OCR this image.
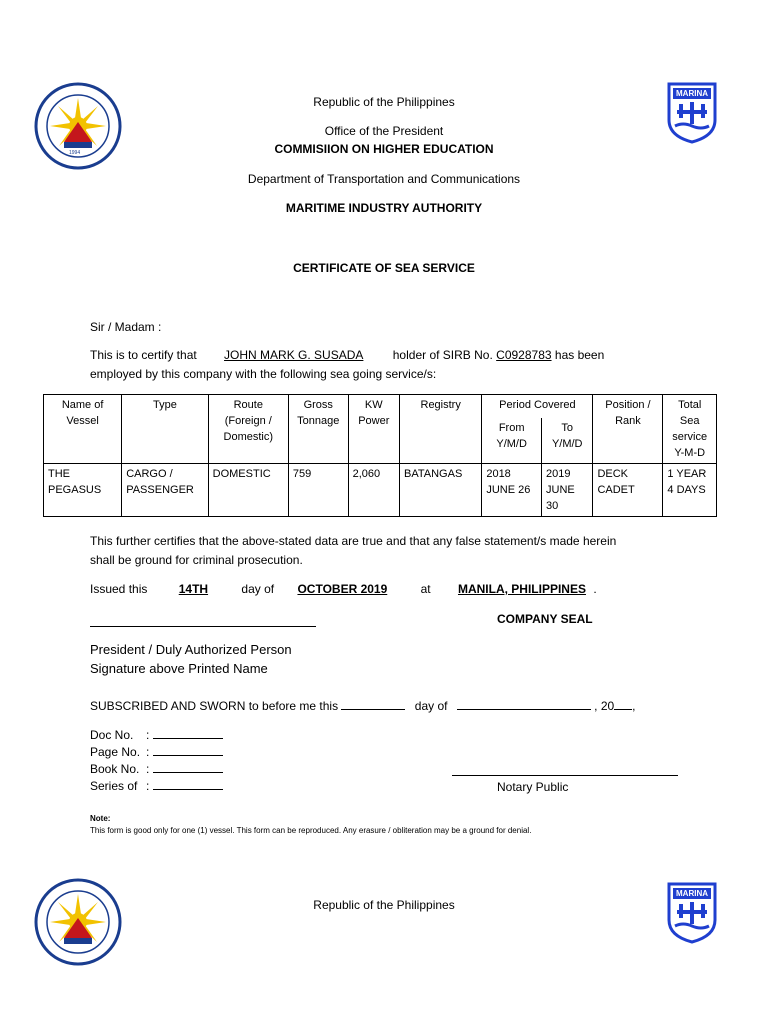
1994
MARINA
Republic of the Philippines
Office of the President
COMMISIION ON HIGHER EDUCATION
Department of Transportation and Communications
MARITIME INDUSTRY AUTHORITY
CERTIFICATE OF SEA SERVICE
Sir / Madam :
This is to certify that JOHN MARK G. SUSADA holder of SIRB No. C0928783 has been
employed by this company with the following sea going service/s:
Name of Vessel	Type	Route (Foreign / Domestic)	Gross Tonnage	KW Power	Registry	Period Covered		Position / Rank	Total Sea service Y-M-D
						From Y/M/D	To Y/M/D		
THE PEGASUS	CARGO / PASSENGER	DOMESTIC	759	2,060	BATANGAS	2018 JUNE 26	2019 JUNE 30	DECK CADET	1 YEAR 4 DAYS
This further certifies that the above-stated data are true and that any false statement/s made herein
shall be ground for criminal prosecution.
Issued this	14TH	day of OCTOBER 2019	at MANILA, PHILIPPINES .
COMPANY SEAL
President / Duly Authorized Person
Signature above Printed Name
SUBSCRIBED AND SWORN to before me this	day of	, 20 ,
Doc No. :
Page No. :
Book No. :
Series of :	Notary Public
Note:
This form is good only for one (1) vessel. This form can be reproduced. Any erasure / obliteration may be a ground for denial.
Republic of the Philippines
MARINA
